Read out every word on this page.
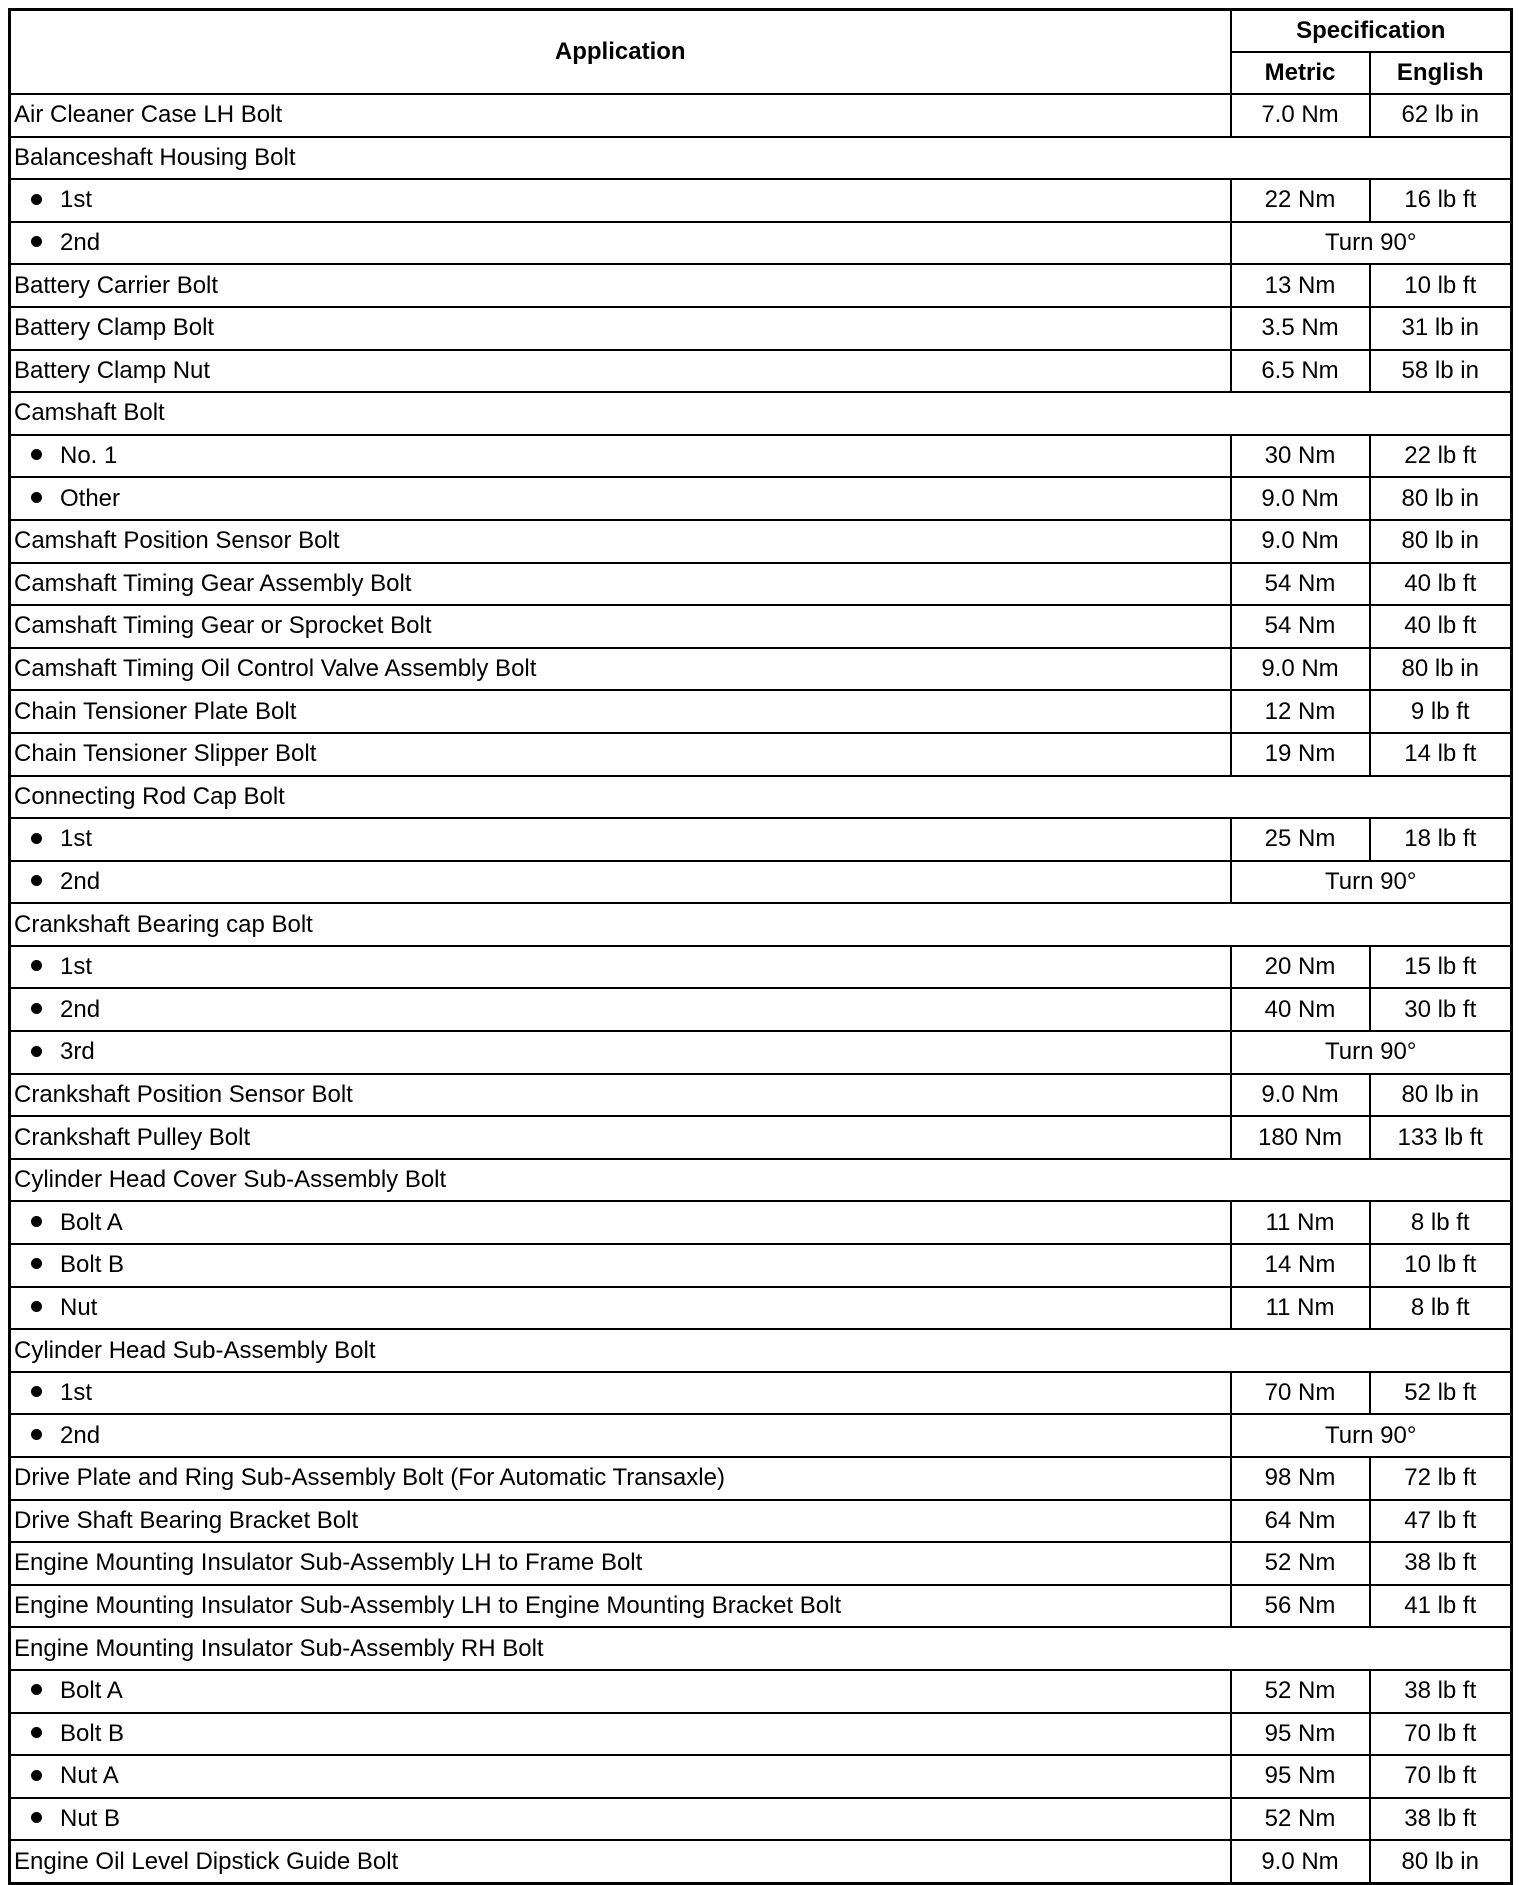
Application	Specification	
	Metric	English
Air Cleaner Case LH Bolt	7.0 Nm	62 lb in
Balanceshaft Housing Bolt		
1st	22 Nm	16 lb ft
2nd	Turn 90°	
Battery Carrier Bolt	13 Nm	10 lb ft
Battery Clamp Bolt	3.5 Nm	31 lb in
Battery Clamp Nut	6.5 Nm	58 lb in
Camshaft Bolt		
No. 1	30 Nm	22 lb ft
Other	9.0 Nm	80 lb in
Camshaft Position Sensor Bolt	9.0 Nm	80 lb in
Camshaft Timing Gear Assembly Bolt	54 Nm	40 lb ft
Camshaft Timing Gear or Sprocket Bolt	54 Nm	40 lb ft
Camshaft Timing Oil Control Valve Assembly Bolt	9.0 Nm	80 lb in
Chain Tensioner Plate Bolt	12 Nm	9 lb ft
Chain Tensioner Slipper Bolt	19 Nm	14 lb ft
Connecting Rod Cap Bolt		
1st	25 Nm	18 lb ft
2nd	Turn 90°	
Crankshaft Bearing cap Bolt		
1st	20 Nm	15 lb ft
2nd	40 Nm	30 lb ft
3rd	Turn 90°	
Crankshaft Position Sensor Bolt	9.0 Nm	80 lb in
Crankshaft Pulley Bolt	180 Nm	133 lb ft
Cylinder Head Cover Sub-Assembly Bolt		
Bolt A	11 Nm	8 lb ft
Bolt B	14 Nm	10 lb ft
Nut	11 Nm	8 lb ft
Cylinder Head Sub-Assembly Bolt		
1st	70 Nm	52 lb ft
2nd	Turn 90°	
Drive Plate and Ring Sub-Assembly Bolt (For Automatic Transaxle)	98 Nm	72 lb ft
Drive Shaft Bearing Bracket Bolt	64 Nm	47 lb ft
Engine Mounting Insulator Sub-Assembly LH to Frame Bolt	52 Nm	38 lb ft
Engine Mounting Insulator Sub-Assembly LH to Engine Mounting Bracket Bolt	56 Nm	41 lb ft
Engine Mounting Insulator Sub-Assembly RH Bolt		
Bolt A	52 Nm	38 lb ft
Bolt B	95 Nm	70 lb ft
Nut A	95 Nm	70 lb ft
Nut B	52 Nm	38 lb ft
Engine Oil Level Dipstick Guide Bolt	9.0 Nm	80 lb in
